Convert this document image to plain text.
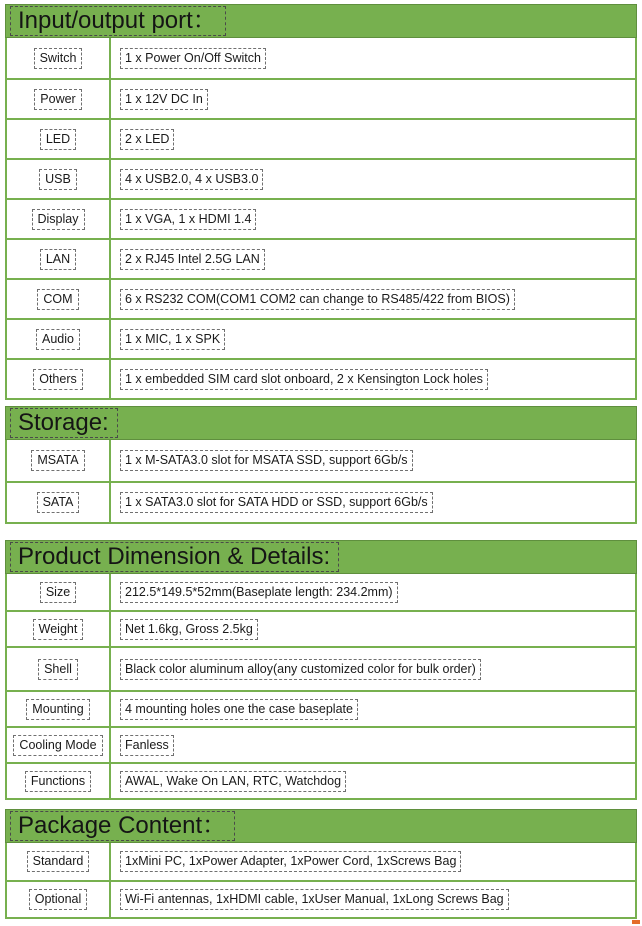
Input/output port：
Switch	1 x Power On/Off Switch
Power	1 x 12V DC In
LED	2 x LED
USB	4 x USB2.0, 4 x USB3.0
Display	1 x VGA, 1 x HDMI 1.4
LAN	2 x RJ45 Intel 2.5G LAN
COM	6 x RS232 COM(COM1 COM2 can change to RS485/422 from BIOS)
Audio	1 x MIC, 1 x SPK
Others	1 x embedded SIM card slot onboard, 2 x Kensington Lock holes
Storage:
MSATA	1 x M-SATA3.0 slot for MSATA SSD, support 6Gb/s
SATA	1 x SATA3.0 slot for SATA HDD or SSD, support 6Gb/s
Product Dimension & Details:
Size	212.5*149.5*52mm(Baseplate length: 234.2mm)
Weight	Net 1.6kg, Gross 2.5kg
Shell	Black color aluminum alloy(any customized color for bulk order)
Mounting	4 mounting holes one the case baseplate
Cooling Mode	Fanless
Functions	AWAL, Wake On LAN, RTC, Watchdog
Package Content：
Standard	1xMini PC, 1xPower Adapter, 1xPower Cord, 1xScrews Bag
Optional	Wi-Fi antennas, 1xHDMI cable, 1xUser Manual, 1xLong Screws Bag
